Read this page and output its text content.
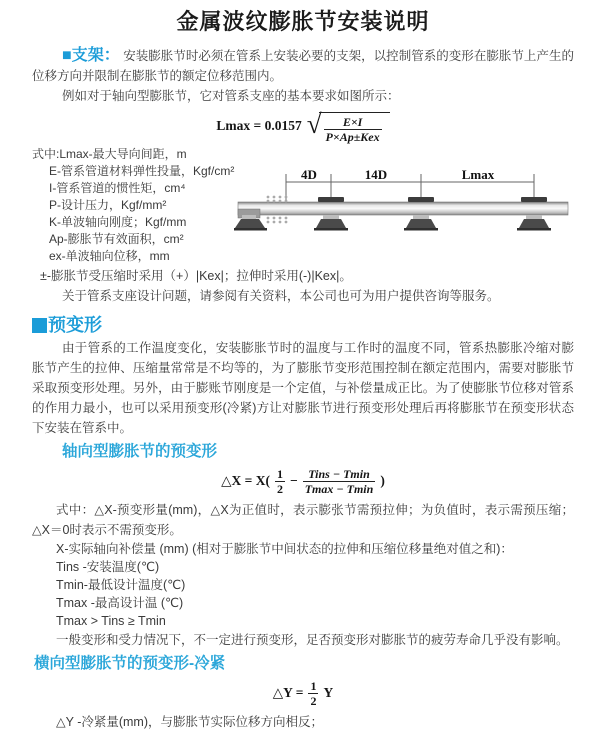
金属波纹膨胀节安装说明

■支架： 安装膨胀节时必须在管系上安装必要的支架，以控制管系的变形在膨胀节上产生的位移方向并限制在膨胀节的额定位移范围内。

例如对于轴向型膨胀节，它对管系支座的基本要求如图所示：

Lmax = 0.0157 √ $\frac{E\times I}{\text{P×Ap±Kex}}$
式中:Lmax-最大导向间距，m
E-管系管道材料弹性投量，Kgf/cm²
I-管系管道的惯性矩，cm⁴
P-设计压力，Kgf/mm²
K-单波轴向刚度；Kgf/mm
Ap-膨胀节有效面积，cm²
ex-单波轴向位移，mm
4D	14D	Lmax

±-膨胀节受压缩时采用（+）|Kex|；拉伸时采用(-)|Kex|。

关于管系支座设计问题，请参阅有关资料，本公司也可为用户提供咨询等服务。

预变形

由于管系的工作温度变化，安装膨胀节时的温度与工作时的温度不同，管系热膨胀冷缩对膨胀节产生的拉伸、压缩量常常是不均等的，为了膨胀节变形范围控制在额定范围内，需要对膨胀节采取预变形处理。另外，由于膨账节刚度是一个定值，与补偿量成正比。为了使膨胀节位移对管系的作用力最小，也可以采用预变形(冷紧)方让对膨胀节进行预变形处理后再将膨胀节在预变形状态下安装在管系中。

轴向型膨胀节的预变形
△X = $X( \frac{1}{2} - \frac{\text{Tins − Tmin}}{Tmax - Tmin}$ )

式中：△X-预变形量(mm)，△X为正值时，表示膨张节需预拉伸；为负值时，表示需预压缩；△X＝0时表示不需预变形。

X-实际轴向补偿量 (mm) (相对于膨胀节中间状态的拉伸和压缩位移量绝对值之和)：
Tins -安装温度(℃)
Tmin-最低设计温度(℃)
Tmax -最高设计温 (℃)
Tmax > Tins ≥ Tmin

一般变形和受力情况下，不一定进行预变形，足否预变形对膨胀节的疲劳寿命几乎没有影响。

横向型膨胀节的预变形-冷紧
△Y = $\frac{1}{2}$ Y

△Y -冷紧量(mm)，与膨胀节实际位移方向相反；
